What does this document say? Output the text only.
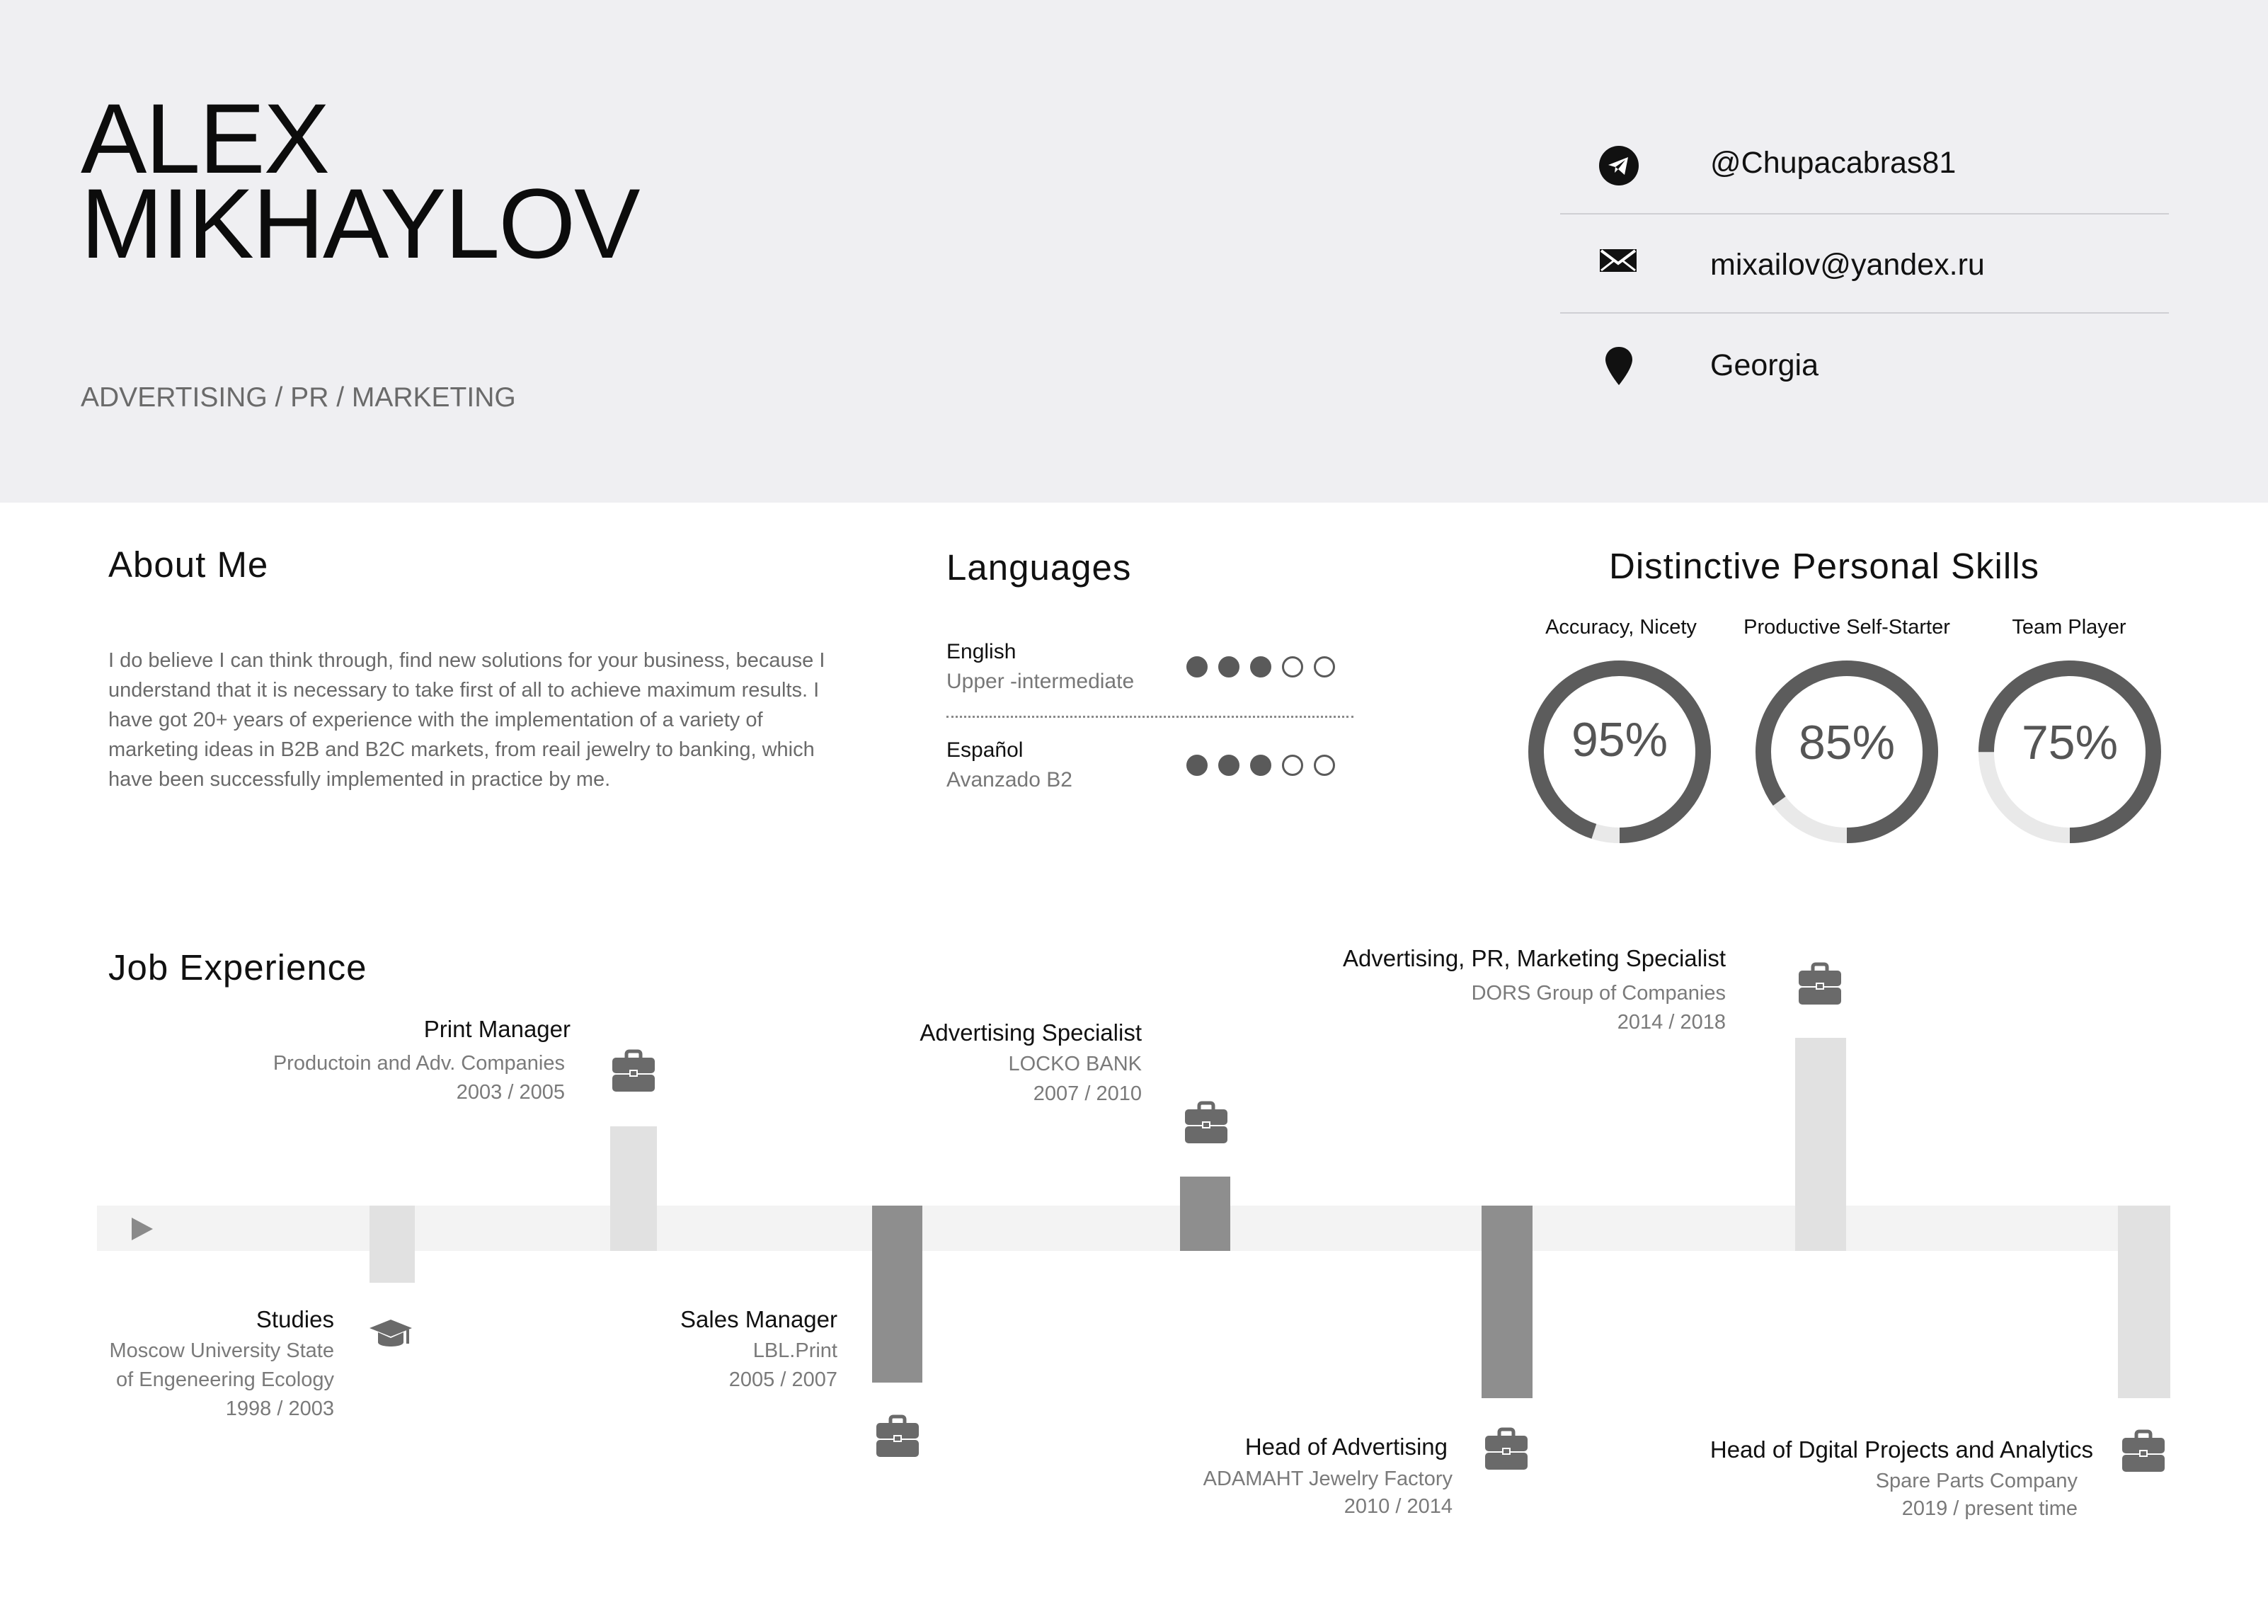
ALEX
MIKHAYLOV
ADVERTISING / PR / MARKETING
@Chupacabras81
mixailov@yandex.ru
Georgia
About Me
I do believe I can think through, find new solutions for your business, because I understand that it is necessary to take first of all to achieve maximum results. I have got 20+ years of experience with the implementation of a variety of marketing ideas in B2B and B2C markets, from reail jewelry to banking, which have been successfully implemented in practice by me.
Languages
English
Upper -intermediate
Español
Avanzado B2
Distinctive Personal Skills
Accuracy, Nicety
95%
Productive Self-Starter
85%
Team Player
75%
Job Experience
Studies
Moscow University State
of Engeneering Ecology
1998 / 2003
Print Manager
Productoin and Adv. Companies
2003 / 2005
Sales Manager
LBL.Print
2005 / 2007
Advertising Specialist
LOCKO BANK
2007 / 2010
Head of Advertising
ADAMAHT Jewelry Factory
2010 / 2014
Advertising, PR, Marketing Specialist
DORS Group of Companies
2014 / 2018
Head of Dgital Projects and Analytics
Spare Parts Company
2019 / present time
